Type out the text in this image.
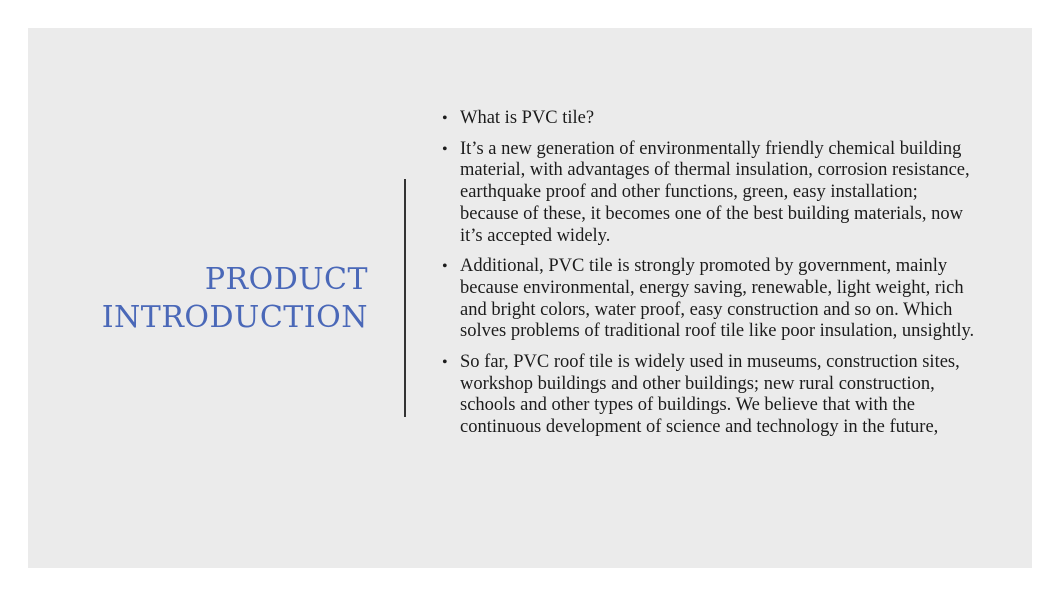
PRODUCT
INTRODUCTION
• What is PVC tile?
• It’s a new generation of environmentally friendly chemical building material, with advantages of thermal insulation, corrosion resistance, earthquake proof and other functions, green, easy installation; because of these, it becomes one of the best building materials, now it’s accepted widely.
• Additional, PVC tile is strongly promoted by government, mainly because environmental, energy saving, renewable, light weight, rich and bright colors, water proof, easy construction and so on. Which solves problems of traditional roof tile like poor insulation, unsightly.
• So far, PVC roof tile is widely used in museums, construction sites, workshop buildings and other buildings; new rural construction, schools and other types of buildings. We believe that with the continuous development of science and technology in the future,
